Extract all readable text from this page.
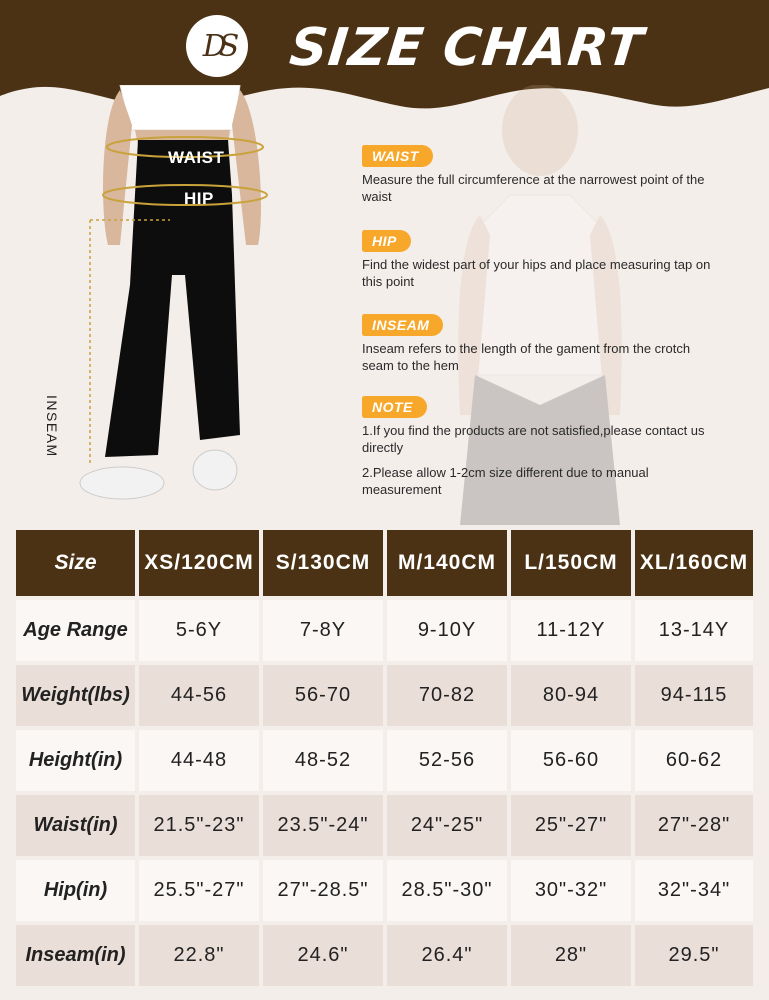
DS SIZE CHART
WAIST
HIP
INSEAM
WAIST
Measure the full circumference at the narrowest point of the waist
HIP
Find the widest part of your hips and place measuring tap on this point
INSEAM
Inseam refers to the length of the gament from the crotch seam to the hem
NOTE
1.If you find the products are not satisfied,please contact us directly
2.Please allow 1-2cm size different due to manual measurement
Size	XS/120CM	S/130CM	M/140CM	L/150CM	XL/160CM
Age Range	5-6Y	7-8Y	9-10Y	11-12Y	13-14Y
Weight(lbs)	44-56	56-70	70-82	80-94	94-115
Height(in)	44-48	48-52	52-56	56-60	60-62
Waist(in)	21.5"-23"	23.5"-24"	24"-25"	25"-27"	27"-28"
Hip(in)	25.5"-27"	27"-28.5"	28.5"-30"	30"-32"	32"-34"
Inseam(in)	22.8"	24.6"	26.4"	28"	29.5"
